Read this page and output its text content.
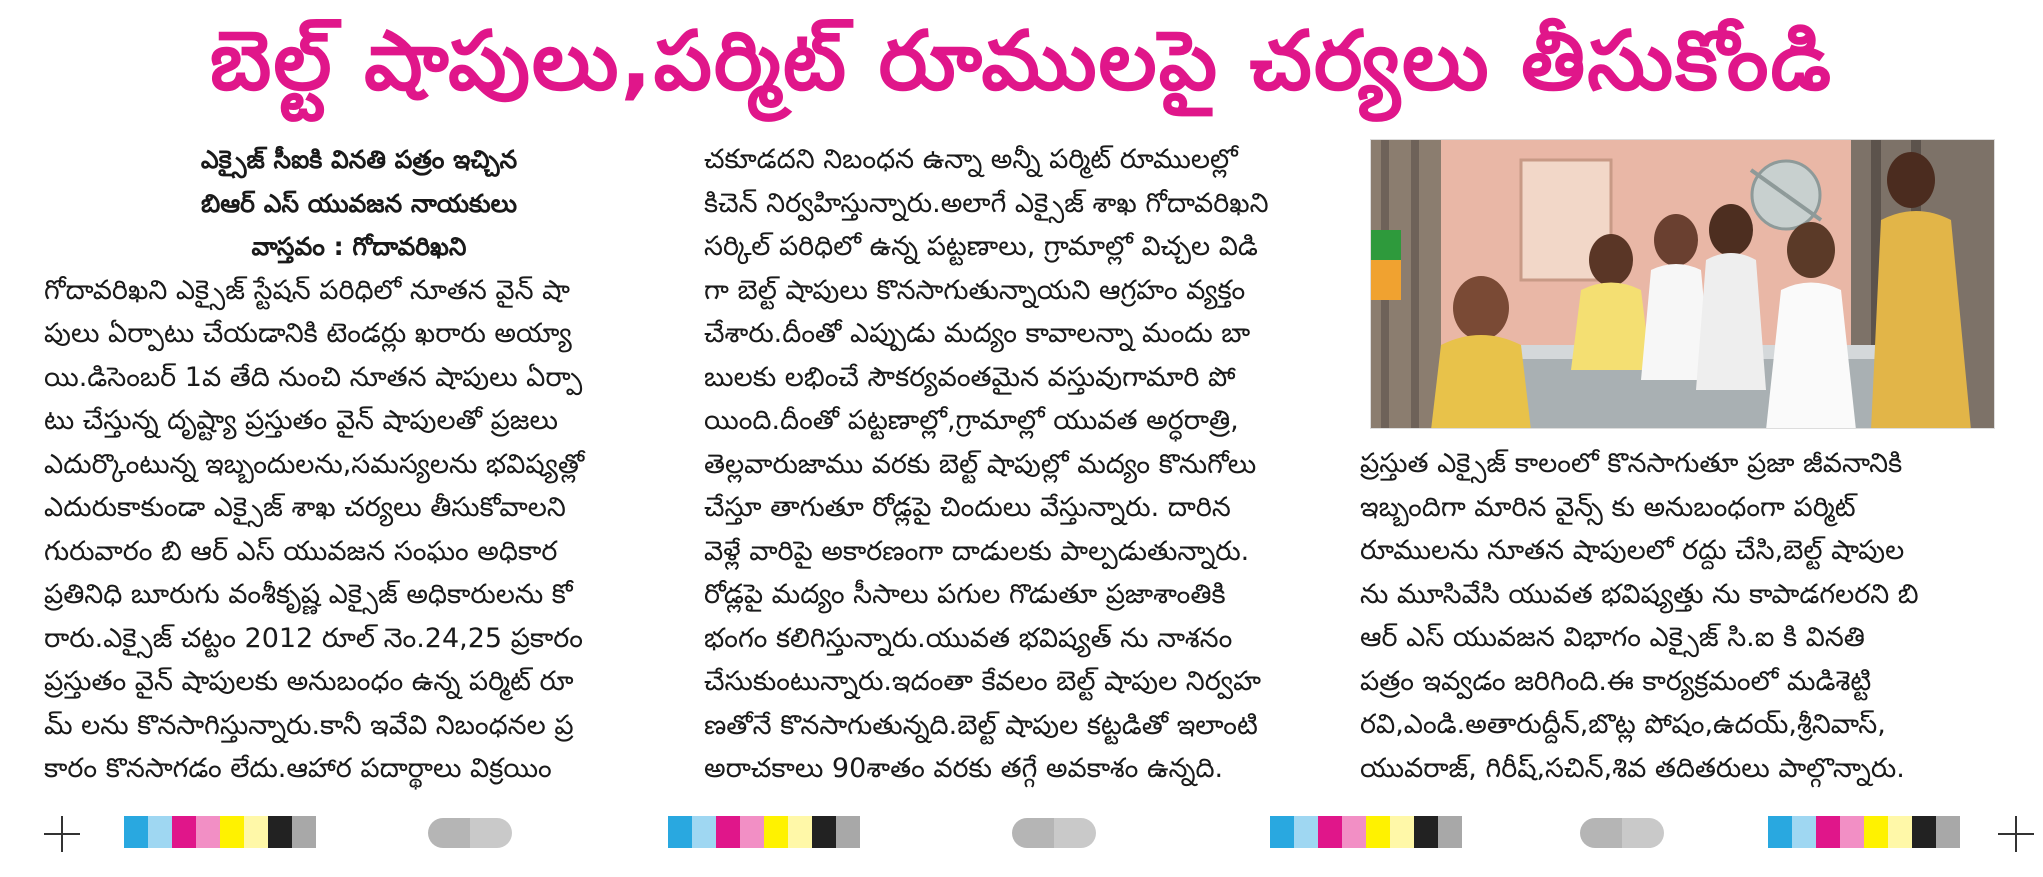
బెల్ట్ షాపులు,పర్మిట్ రూములపై చర్యలు తీసుకోండి
ఎక్సైజ్ సీఐకి వినతి పత్రం ఇచ్చిన
బిఆర్ ఎస్ యువజన నాయకులు
వాస్తవం : గోదావరిఖని
గోదావరిఖని ఎక్సైజ్ స్టేషన్ పరిధిలో నూతన వైన్ షా
పులు ఏర్పాటు చేయడానికి టెండర్లు ఖరారు అయ్యా
యి.డిసెంబర్ 1వ తేది నుంచి నూతన షాపులు ఏర్పా
టు చేస్తున్న దృష్ట్యా ప్రస్తుతం వైన్ షాపులతో ప్రజలు
ఎదుర్కొంటున్న ఇబ్బందులను,సమస్యలను భవిష్యత్లో
ఎదురుకాకుండా ఎక్సైజ్ శాఖ చర్యలు తీసుకోవాలని
గురువారం బి ఆర్ ఎస్ యువజన సంఘం అధికార
ప్రతినిధి బూరుగు వంశీకృష్ణ ఎక్సైజ్ అధికారులను కో
రారు.ఎక్సైజ్ చట్టం 2012 రూల్ నెం.24,25 ప్రకారం
ప్రస్తుతం వైన్ షాపులకు అనుబంధం ఉన్న పర్మిట్ రూ
మ్ లను కొనసాగిస్తున్నారు.కానీ ఇవేవి నిబంధనల ప్ర
కారం కొనసాగడం లేదు.ఆహార పదార్థాలు విక్రయిం
చకూడదని నిబంధన ఉన్నా అన్నీ పర్మిట్ రూములల్లో
కిచెన్ నిర్వహిస్తున్నారు.అలాగే ఎక్సైజ్ శాఖ గోదావరిఖని
సర్కిల్ పరిధిలో ఉన్న పట్టణాలు, గ్రామాల్లో విచ్చల విడి
గా బెల్ట్ షాపులు కొనసాగుతున్నాయని ఆగ్రహం వ్యక్తం
చేశారు.దీంతో ఎప్పుడు మద్యం కావాలన్నా మందు బా
బులకు లభించే సౌకర్యవంతమైన వస్తువుగామారి పో
యింది.దీంతో పట్టణాల్లో,గ్రామాల్లో యువత అర్ధరాత్రి,
తెల్లవారుజాము వరకు బెల్ట్ షాపుల్లో మద్యం కొనుగోలు
చేస్తూ తాగుతూ రోడ్లపై చిందులు వేస్తున్నారు. దారిన
వెళ్లే వారిపై అకారణంగా దాడులకు పాల్పడుతున్నారు.
రోడ్లపై మద్యం సీసాలు పగుల గొడుతూ ప్రజాశాంతికి
భంగం కలిగిస్తున్నారు.యువత భవిష్యత్ ను నాశనం
చేసుకుంటున్నారు.ఇదంతా కేవలం బెల్ట్ షాపుల నిర్వహ
ణతోనే కొనసాగుతున్నది.బెల్ట్ షాపుల కట్టడితో ఇలాంటి
అరాచకాలు 90శాతం వరకు తగ్గే అవకాశం ఉన్నది.
ప్రస్తుత ఎక్సైజ్ కాలంలో కొనసాగుతూ ప్రజా జీవనానికి
ఇబ్బందిగా మారిన వైన్స్ కు అనుబంధంగా పర్మిట్
రూములను నూతన షాపులలో రద్దు చేసి,బెల్ట్ షాపుల
ను మూసివేసి యువత భవిష్యత్తు ను కాపాడగలరని బి
ఆర్ ఎస్ యువజన విభాగం ఎక్సైజ్ సి.ఐ కి వినతి
పత్రం ఇవ్వడం జరిగింది.ఈ కార్యక్రమంలో మడిశెట్టి
రవి,ఎండి.అతారుద్దీన్,బొట్ల పోషం,ఉదయ్,శ్రీనివాస్,
యువరాజ్, గిరీష్,సచిన్,శివ తదితరులు పాల్గొన్నారు.
